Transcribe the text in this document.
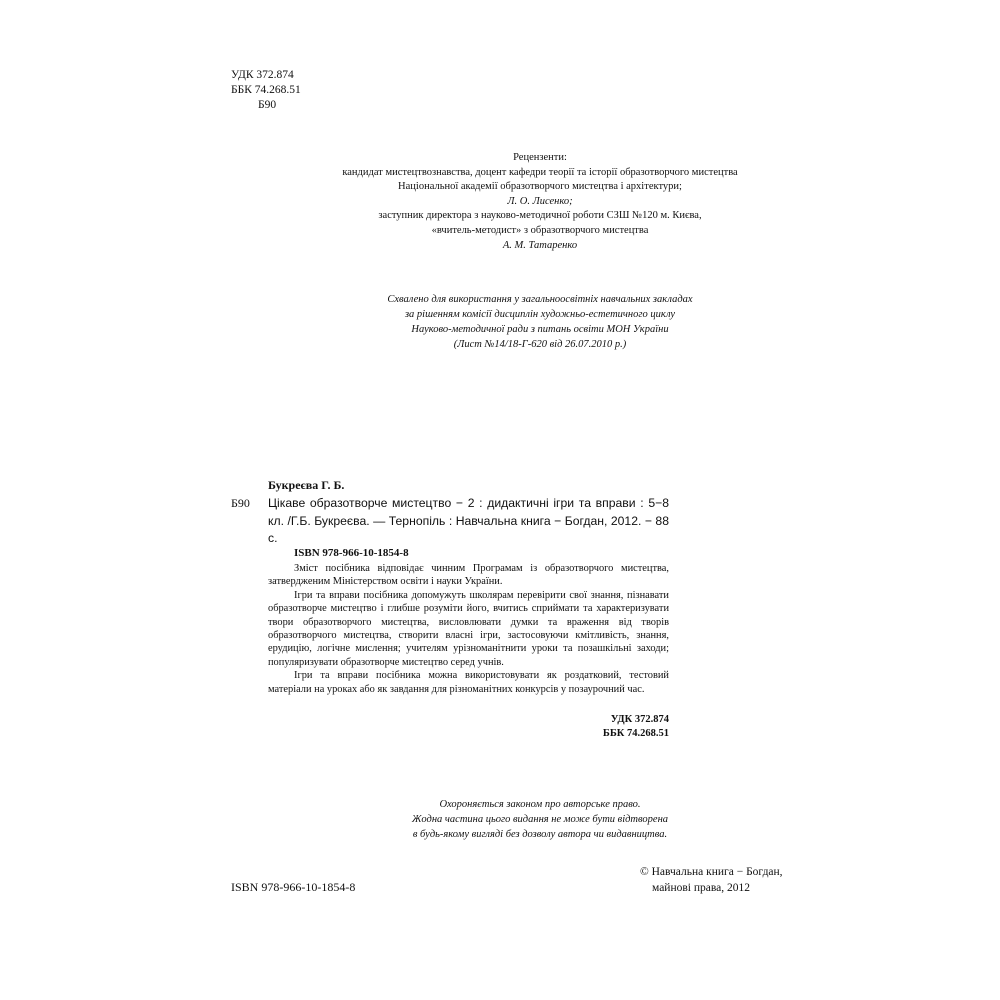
УДК 372.874
ББК 74.268.51
Б90
Рецензенти:
кандидат мистецтвознавства, доцент кафедри теорії та історії образотворчого мистецтва
Національної академії образотворчого мистецтва і архітектури;
Л. О. Лисенко;
заступник директора з науково-методичної роботи СЗШ №120 м. Києва,
«вчитель-методист» з образотворчого мистецтва
А. М. Татаренко
Схвалено для використання у загальноосвітніх навчальних закладах
за рішенням комісії дисциплін художньо-естетичного циклу
Науково-методичної ради з питань освіти МОН України
(Лист №14/18-Г-620 від 26.07.2010 р.)
Букреєва Г. Б.
Б90 Цікаве образотворче мистецтво − 2 : дидактичні ігри та вправи : 5−8 кл. /Г.Б. Букреєва. — Тернопіль : Навчальна книга − Богдан, 2012. − 88 с.
ISBN 978-966-10-1854-8

Зміст посібника відповідає чинним Програмам із образотворчого мистецтва, затвердженим Міністерством освіти і науки України.

Ігри та вправи посібника допомужуть школярам перевірити свої знання, пізнавати образотворче мистецтво і глибше розуміти його, вчитись сприймати та характеризувати твори образотворчого мистецтва, висловлювати думки та враження від творів образотворчого мистецтва, створити власні ігри, застосовуючи кмітливість, знання, ерудицію, логічне мислення; учителям урізноманітнити уроки та позашкільні заходи; популяризувати образотворче мистецтво серед учнів.

Ігри та вправи посібника можна використовувати як роздатковий, тестовий матеріали на уроках або як завдання для різноманітних конкурсів у позаурочний час.

УДК 372.874
ББК 74.268.51
Охороняється законом про авторське право.
Жодна частина цього видання не може бути відтворена
в будь-якому вигляді без дозволу автора чи видавництва.
ISBN 978-966-10-1854-8
© Навчальна книга − Богдан,
майнові права, 2012
